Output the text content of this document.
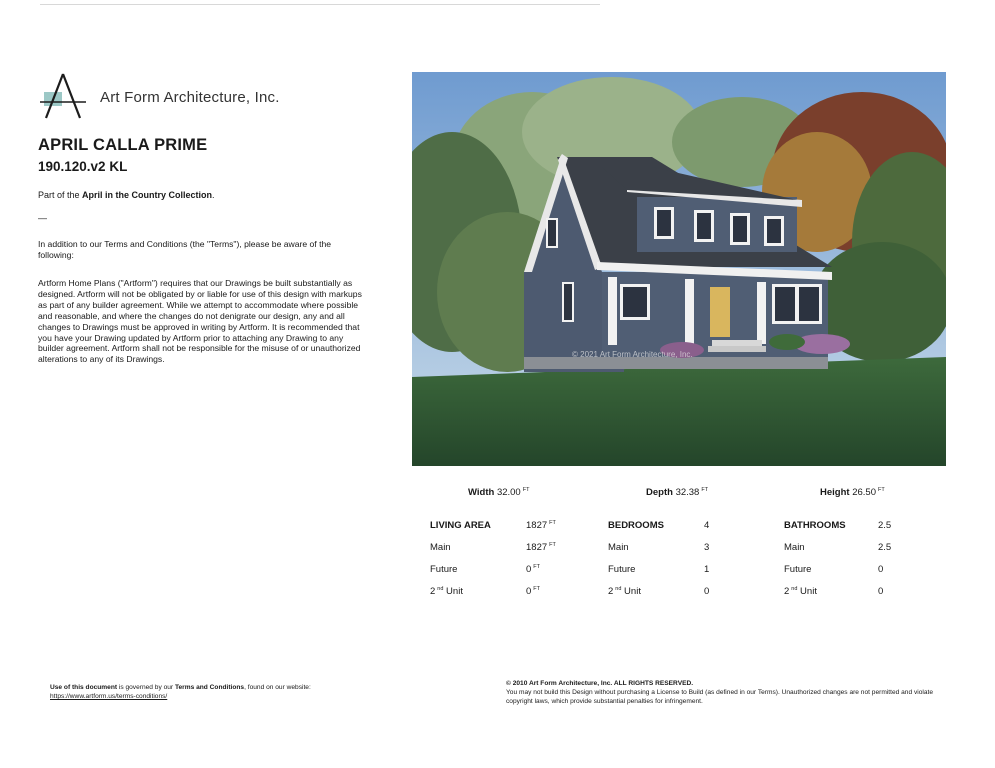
Art Form Architecture, Inc.
APRIL CALLA PRIME
190.120.v2 KL
Part of the April in the Country Collection.
—
In addition to our Terms and Conditions (the "Terms"), please be aware of the following:
Artform Home Plans ("Artform") requires that our Drawings be built substantially as designed. Artform will not be obligated by or liable for use of this design with markups as part of any builder agreement. While we attempt to accommodate where possible and reasonable, and where the changes do not denigrate our design, any and all changes to Drawings must be approved in writing by Artform. It is recommended that you have your Drawing updated by Artform prior to attaching any Drawing to any builder agreement. Artform shall not be responsible for the misuse of or unauthorized alterations to any of its Drawings.	© 2021 Art Form Architecture, Inc.
Width 32.00 $^{FT}$	Depth 32.38 $^{FT}$	Height 26.50 $^{FT}$
LIVING AREA	1827 $^{FT}$
Main	1827 $^{FT}$
Future	0 $^{FT}$
2 $^{nd}$ Unit	0 $^{FT}$
BEDROOMS	4
Main	3
Future	1
2 $^{nd}$ Unit	0
BATHROOMS	2.5
Main	2.5
Future	0
2 $^{nd}$ Unit	0
Use of this document is governed by our Terms and Conditions, found on our website:
https://www.artform.us/terms-conditions/
© 2010 Art Form Architecture, Inc. ALL RIGHTS RESERVED.
You may not build this Design without purchasing a License to Build (as defined in our Terms). Unauthorized changes are not permitted and violate copyright laws, which provide substantial penalties for infringement.
